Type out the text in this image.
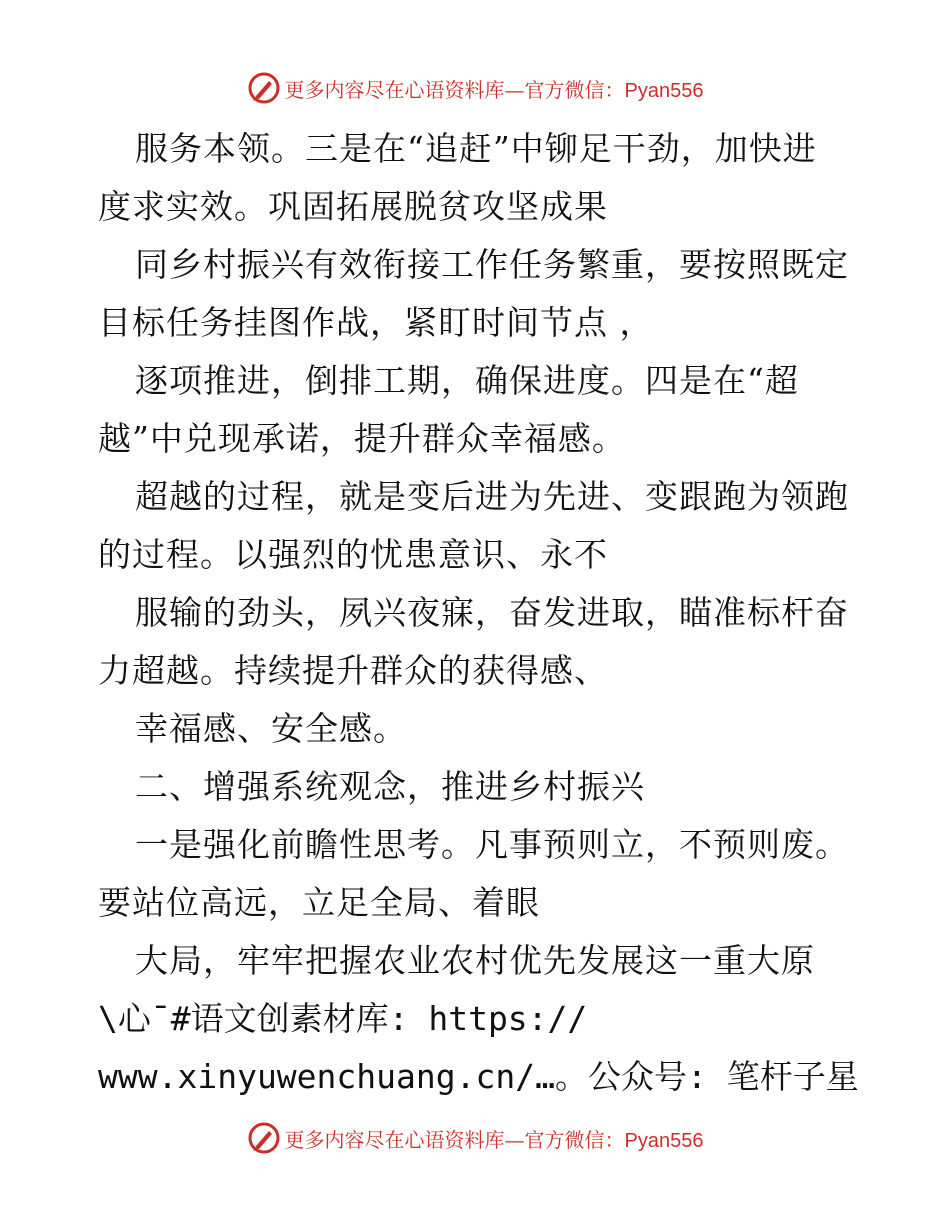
更多内容尽在心语资料库—官方微信：Pyan556
服务本领。三是在“追赶”中铆足干劲，加快进
度求实效。巩固拓展脱贫攻坚成果
同乡村振兴有效衔接工作任务繁重，要按照既定
目标任务挂图作战，紧盯时间节点 ，
逐项推进，倒排工期，确保进度。四是在“超
越”中兑现承诺，提升群众幸福感。
超越的过程，就是变后进为先进、变跟跑为领跑
的过程。以强烈的忧患意识、永不
服输的劲头，夙兴夜寐，奋发进取，瞄准标杆奋
力超越。持续提升群众的获得感、
幸福感、安全感。
二、增强系统观念，推进乡村振兴
一是强化前瞻性思考。凡事预则立，不预则废。
要站位高远，立足全局、着眼
大局，牢牢把握农业农村优先发展这一重大原
\心¯#语文创素材库: https://
www.xinyuwenchuang.cn/…。公众号: 笔杆子星
更多内容尽在心语资料库—官方微信：Pyan556
